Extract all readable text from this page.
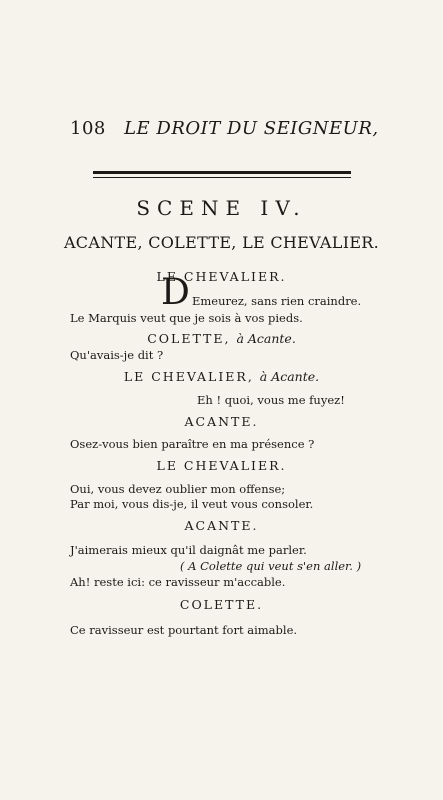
108 LE DROIT DU SEIGNEUR,
SCENE IV.
ACANTE, COLETTE, LE CHEVALIER.
LE CHEVALIER.
D Emeurez, sans rien craindre.
Le Marquis veut que je sois à vos pieds.
COLETTE, à Acante.
Qu'avais-je dit ?
LE CHEVALIER, à Acante.
Eh ! quoi, vous me fuyez!
ACANTE.
Osez-vous bien paraître en ma présence ?
LE CHEVALIER.
Oui, vous devez oublier mon offense;
Par moi, vous dis-je, il veut vous consoler.
ACANTE.
J'aimerais mieux qu'il daignât me parler.
( A Colette qui veut s'en aller. )
Ah! reste ici: ce ravisseur m'accable.
COLETTE.
Ce ravisseur est pourtant fort aimable.
